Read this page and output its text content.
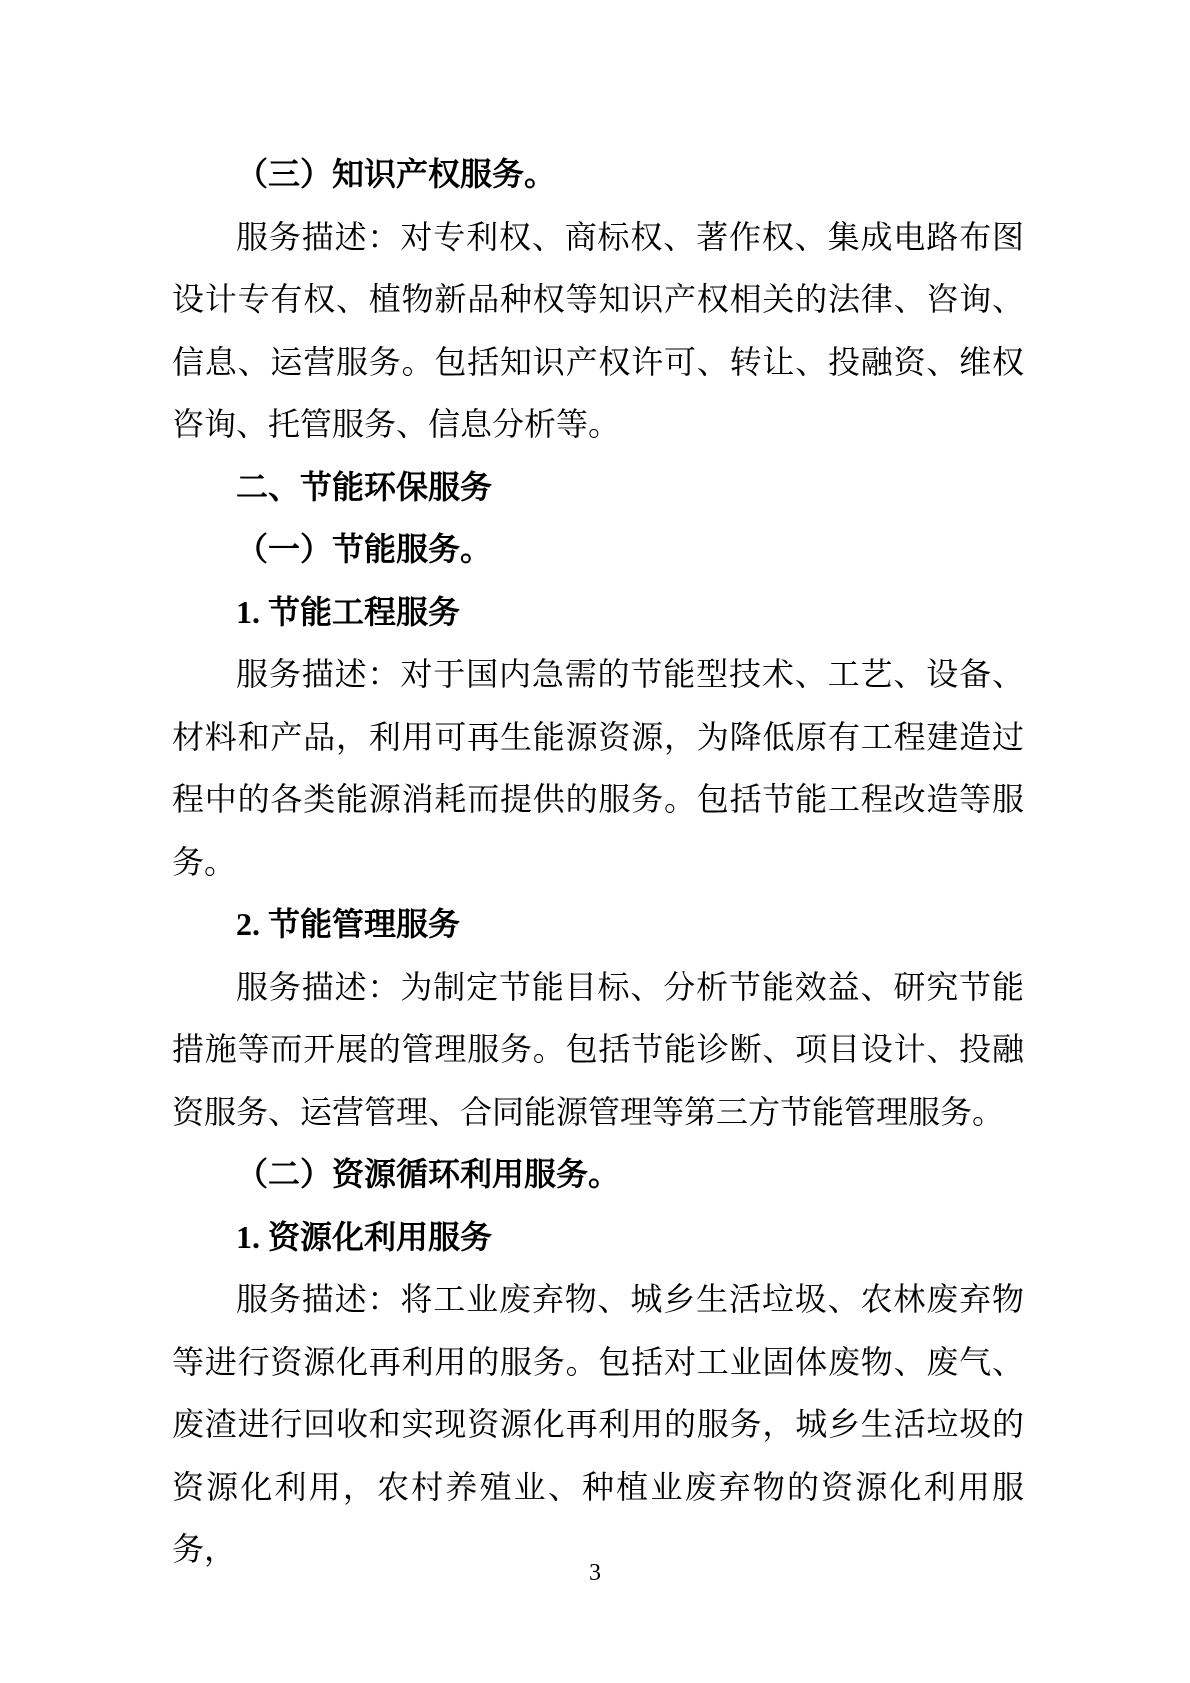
（三）知识产权服务。

服务描述：对专利权、商标权、著作权、集成电路布图设计专有权、植物新品种权等知识产权相关的法律、咨询、信息、运营服务。包括知识产权许可、转让、投融资、维权咨询、托管服务、信息分析等。

二、节能环保服务

（一）节能服务。

1. 节能工程服务

服务描述：对于国内急需的节能型技术、工艺、设备、材料和产品，利用可再生能源资源，为降低原有工程建造过程中的各类能源消耗而提供的服务。包括节能工程改造等服务。

2. 节能管理服务

服务描述：为制定节能目标、分析节能效益、研究节能措施等而开展的管理服务。包括节能诊断、项目设计、投融资服务、运营管理、合同能源管理等第三方节能管理服务。

（二）资源循环利用服务。

1. 资源化利用服务

服务描述：将工业废弃物、城乡生活垃圾、农林废弃物等进行资源化再利用的服务。包括对工业固体废物、废气、废渣进行回收和实现资源化再利用的服务，城乡生活垃圾的资源化利用，农村养殖业、种植业废弃物的资源化利用服务，

3
